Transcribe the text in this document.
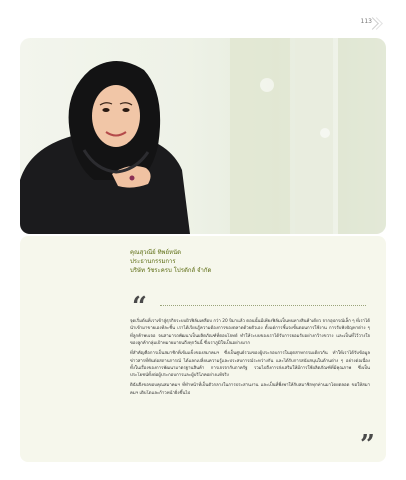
113
คุณสุวณีย์ ทิพย์หนัด
ประธานกรรมการ
บริษัท วัชระครบ โปรดักส์ จำกัด
“

จุดเริ่มต้นที่เราเข้าสู่ธุรกิจระบบผิวฟิล์มเคลือบ กว่า 20 ปีมาแล้ว ตอนนั้นมีเพียงฟิล์มเป็นหนทางสินค้าเดียว จากอุปกรณ์เล็ก ๆ ที่เราได้นำเข้ามาขายเองทีละชิ้น เราได้เรียนรู้ความต้องการของตลาดด้วยตัวเอง ตั้งแต่การชี้แจงขั้นตอนการใช้งาน การรับฟังปัญหาต่าง ๆ ที่ลูกค้าพบเจอ จนสามารถพัฒนาเป็นผลิตภัณฑ์ที่ตอบโจทย์ ทำให้ระบบของเราได้รับการยอมรับอย่างกว้างขวาง และเป็นที่ไว้วางใจของลูกค้ากลุ่มเป้าหมายมาจนถึงทุกวันนี้ ซึ่งเราภูมิใจเป็นอย่างมาก

ที่สำคัญคือการเป็นสมาชิกที่เข้มแข็งของสมาคมฯ ซึ่งเป็นศูนย์รวมของผู้ประกอบการในอุตสาหกรรมเดียวกัน ทำให้เราได้รับข้อมูลข่าวสารที่ทันต่อสถานการณ์ ได้แลกเปลี่ยนความรู้และประสบการณ์ระหว่างกัน และได้รับการสนับสนุนในด้านต่าง ๆ อย่างต่อเนื่อง ทั้งในเรื่องของการพัฒนามาตรฐานสินค้า การเจรจากับภาครัฐ รวมไปถึงการส่งเสริมให้มีการใช้ผลิตภัณฑ์ที่มีคุณภาพ ซึ่งเป็นประโยชน์ทั้งต่อผู้ประกอบการและผู้บริโภคอย่างแท้จริง

ดิฉันจึงขอขอบคุณสมาคมฯ ที่ทำหน้าที่เป็นตัวกลางในการประสานงาน และเป็นที่พึ่งพาให้กับสมาชิกทุกท่านมาโดยตลอด ขอให้สมาคมฯ เติบโตและก้าวหน้ายิ่งขึ้นไป

”
